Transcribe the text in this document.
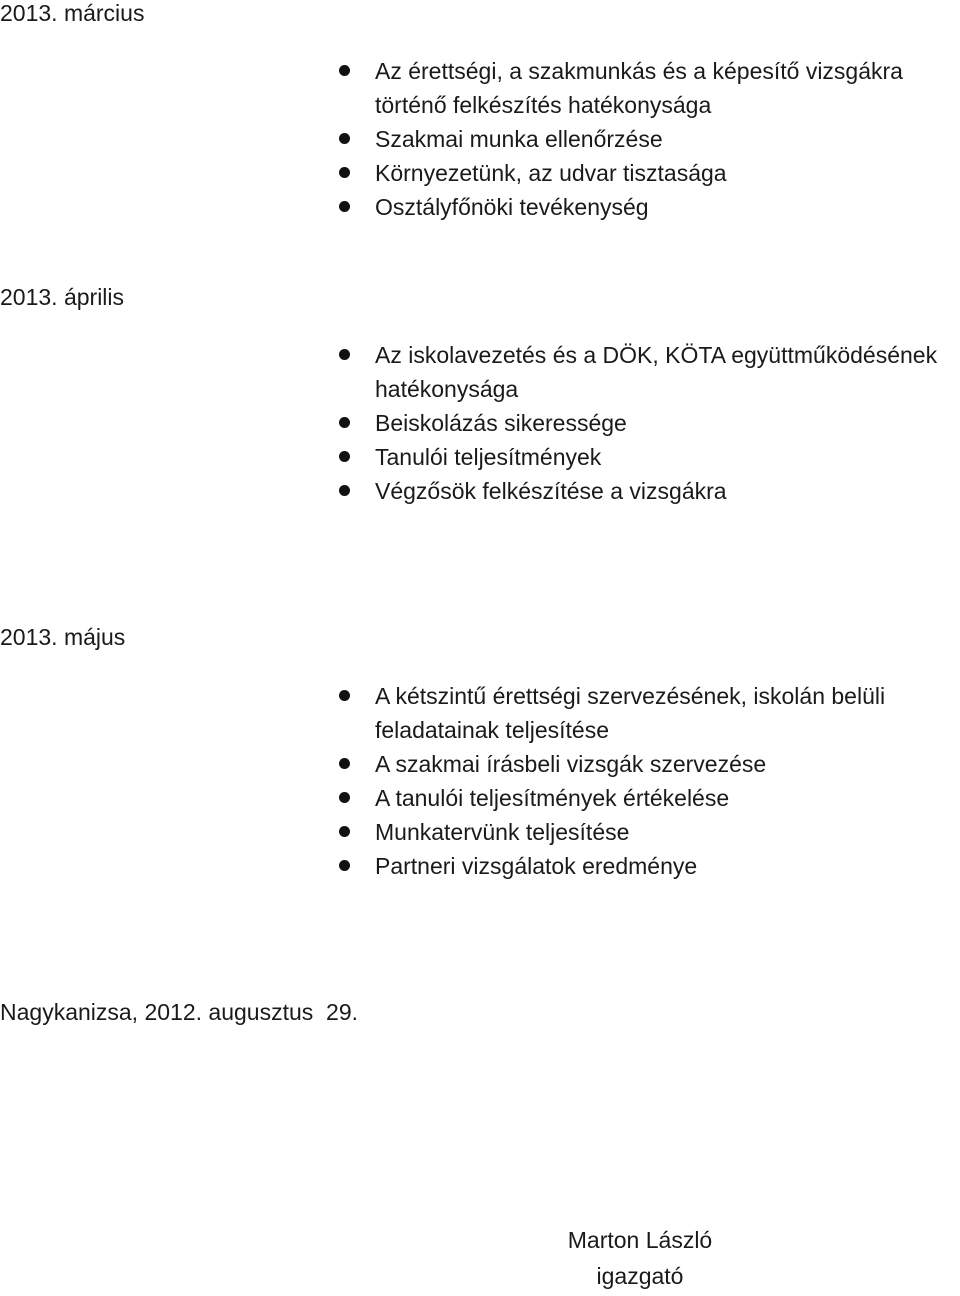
2013. március
Az érettségi, a szakmunkás és a képesítő vizsgákra történő felkészítés hatékonysága
Szakmai munka ellenőrzése
Környezetünk, az udvar tisztasága
Osztályfőnöki tevékenység
2013. április
Az iskolavezetés és a DÖK, KÖTA együttműködésének hatékonysága
Beiskolázás sikeressége
Tanulói teljesítmények
Végzősök felkészítése a vizsgákra
2013. május
A kétszintű érettségi szervezésének, iskolán belüli feladatainak teljesítése
A szakmai írásbeli vizsgák szervezése
A tanulói teljesítmények értékelése
Munkatervünk teljesítése
Partneri vizsgálatok eredménye
Nagykanizsa, 2012. augusztus  29.
Marton László
igazgató
